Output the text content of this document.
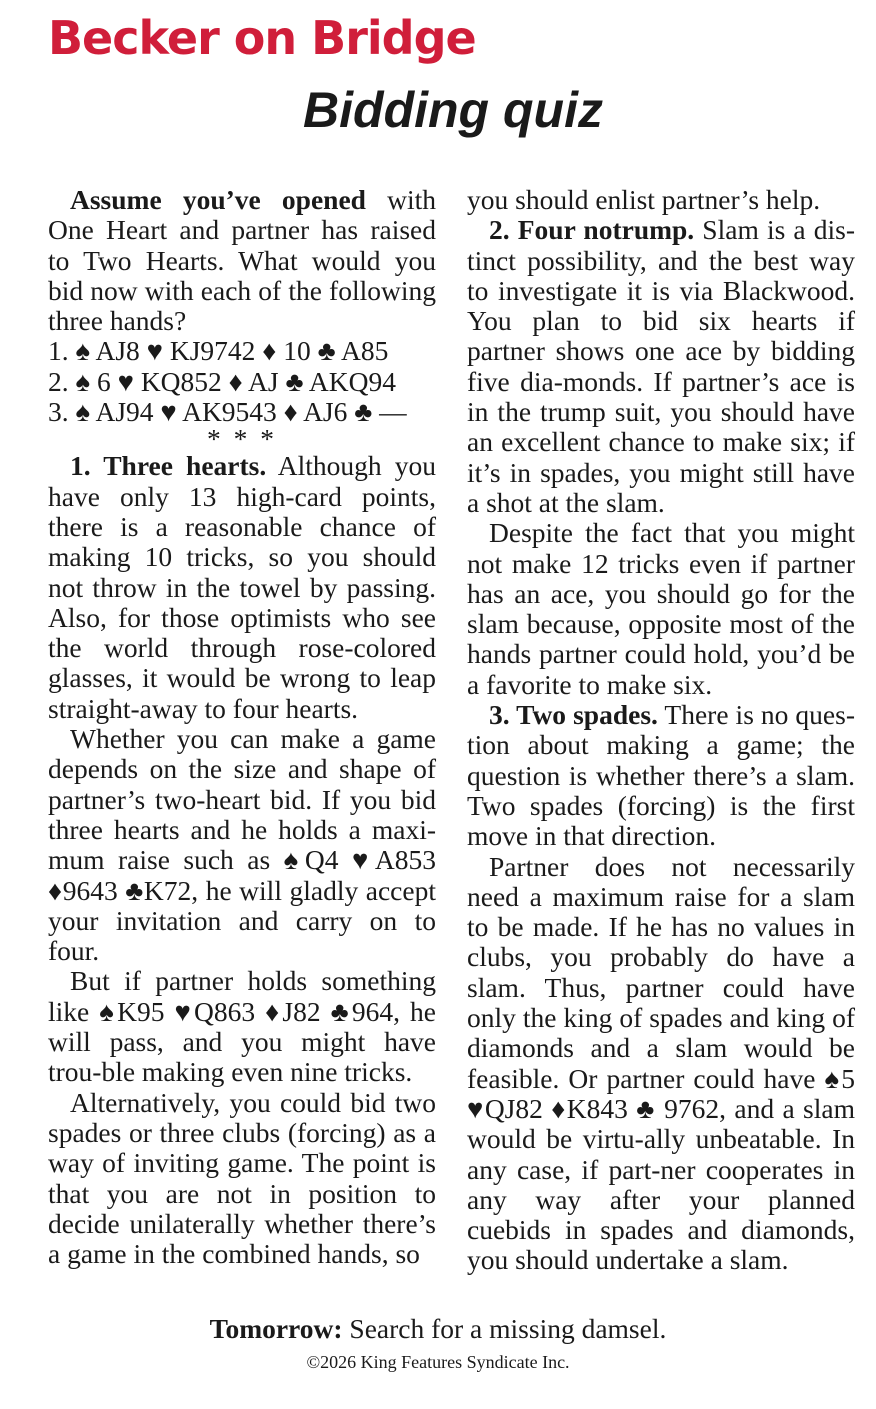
Becker on Bridge
Bidding quiz

Assume you’ve opened with One Heart and partner has raised to Two Hearts. What would you bid now with each of the following three hands?

1. ♠ AJ8 ♥ KJ9742 ♦ 10 ♣ A85
2. ♠ 6 ♥ KQ852 ♦ AJ ♣ AKQ94
3. ♠ AJ94 ♥ AK9543 ♦ AJ6 ♣ —
* * *

1. Three hearts. Although you have only 13 high-card points, there is a reasonable chance of making 10 tricks, so you should not throw in the towel by passing. Also, for those optimists who see the world through rose-colored glasses, it would be wrong to leap straight-away to four hearts.

Whether you can make a game depends on the size and shape of partner’s two-heart bid. If you bid three hearts and he holds a maxi-mum raise such as ♠Q4 ♥A853 ♦9643 ♣K72, he will gladly accept your invitation and carry on to four.

But if partner holds something like ♠K95 ♥Q863 ♦J82 ♣964, he will pass, and you might have trou-ble making even nine tricks.

Alternatively, you could bid two spades or three clubs (forcing) as a way of inviting game. The point is that you are not in position to decide unilaterally whether there’s a game in the combined hands, so

you should enlist partner’s help.

2. Four notrump. Slam is a dis-tinct possibility, and the best way to investigate it is via Blackwood. You plan to bid six hearts if partner shows one ace by bidding five dia-monds. If partner’s ace is in the trump suit, you should have an excellent chance to make six; if it’s in spades, you might still have a shot at the slam.

Despite the fact that you might not make 12 tricks even if partner has an ace, you should go for the slam because, opposite most of the hands partner could hold, you’d be a favorite to make six.

3. Two spades. There is no ques-tion about making a game; the question is whether there’s a slam. Two spades (forcing) is the first move in that direction.

Partner does not necessarily need a maximum raise for a slam to be made. If he has no values in clubs, you probably do have a slam. Thus, partner could have only the king of spades and king of diamonds and a slam would be feasible. Or partner could have ♠5 ♥QJ82 ♦K843 ♣ 9762, and a slam would be virtu-ally unbeatable. In any case, if part-ner cooperates in any way after your planned cuebids in spades and diamonds, you should undertake a slam.

Tomorrow: Search for a missing damsel.
©2026 King Features Syndicate Inc.
